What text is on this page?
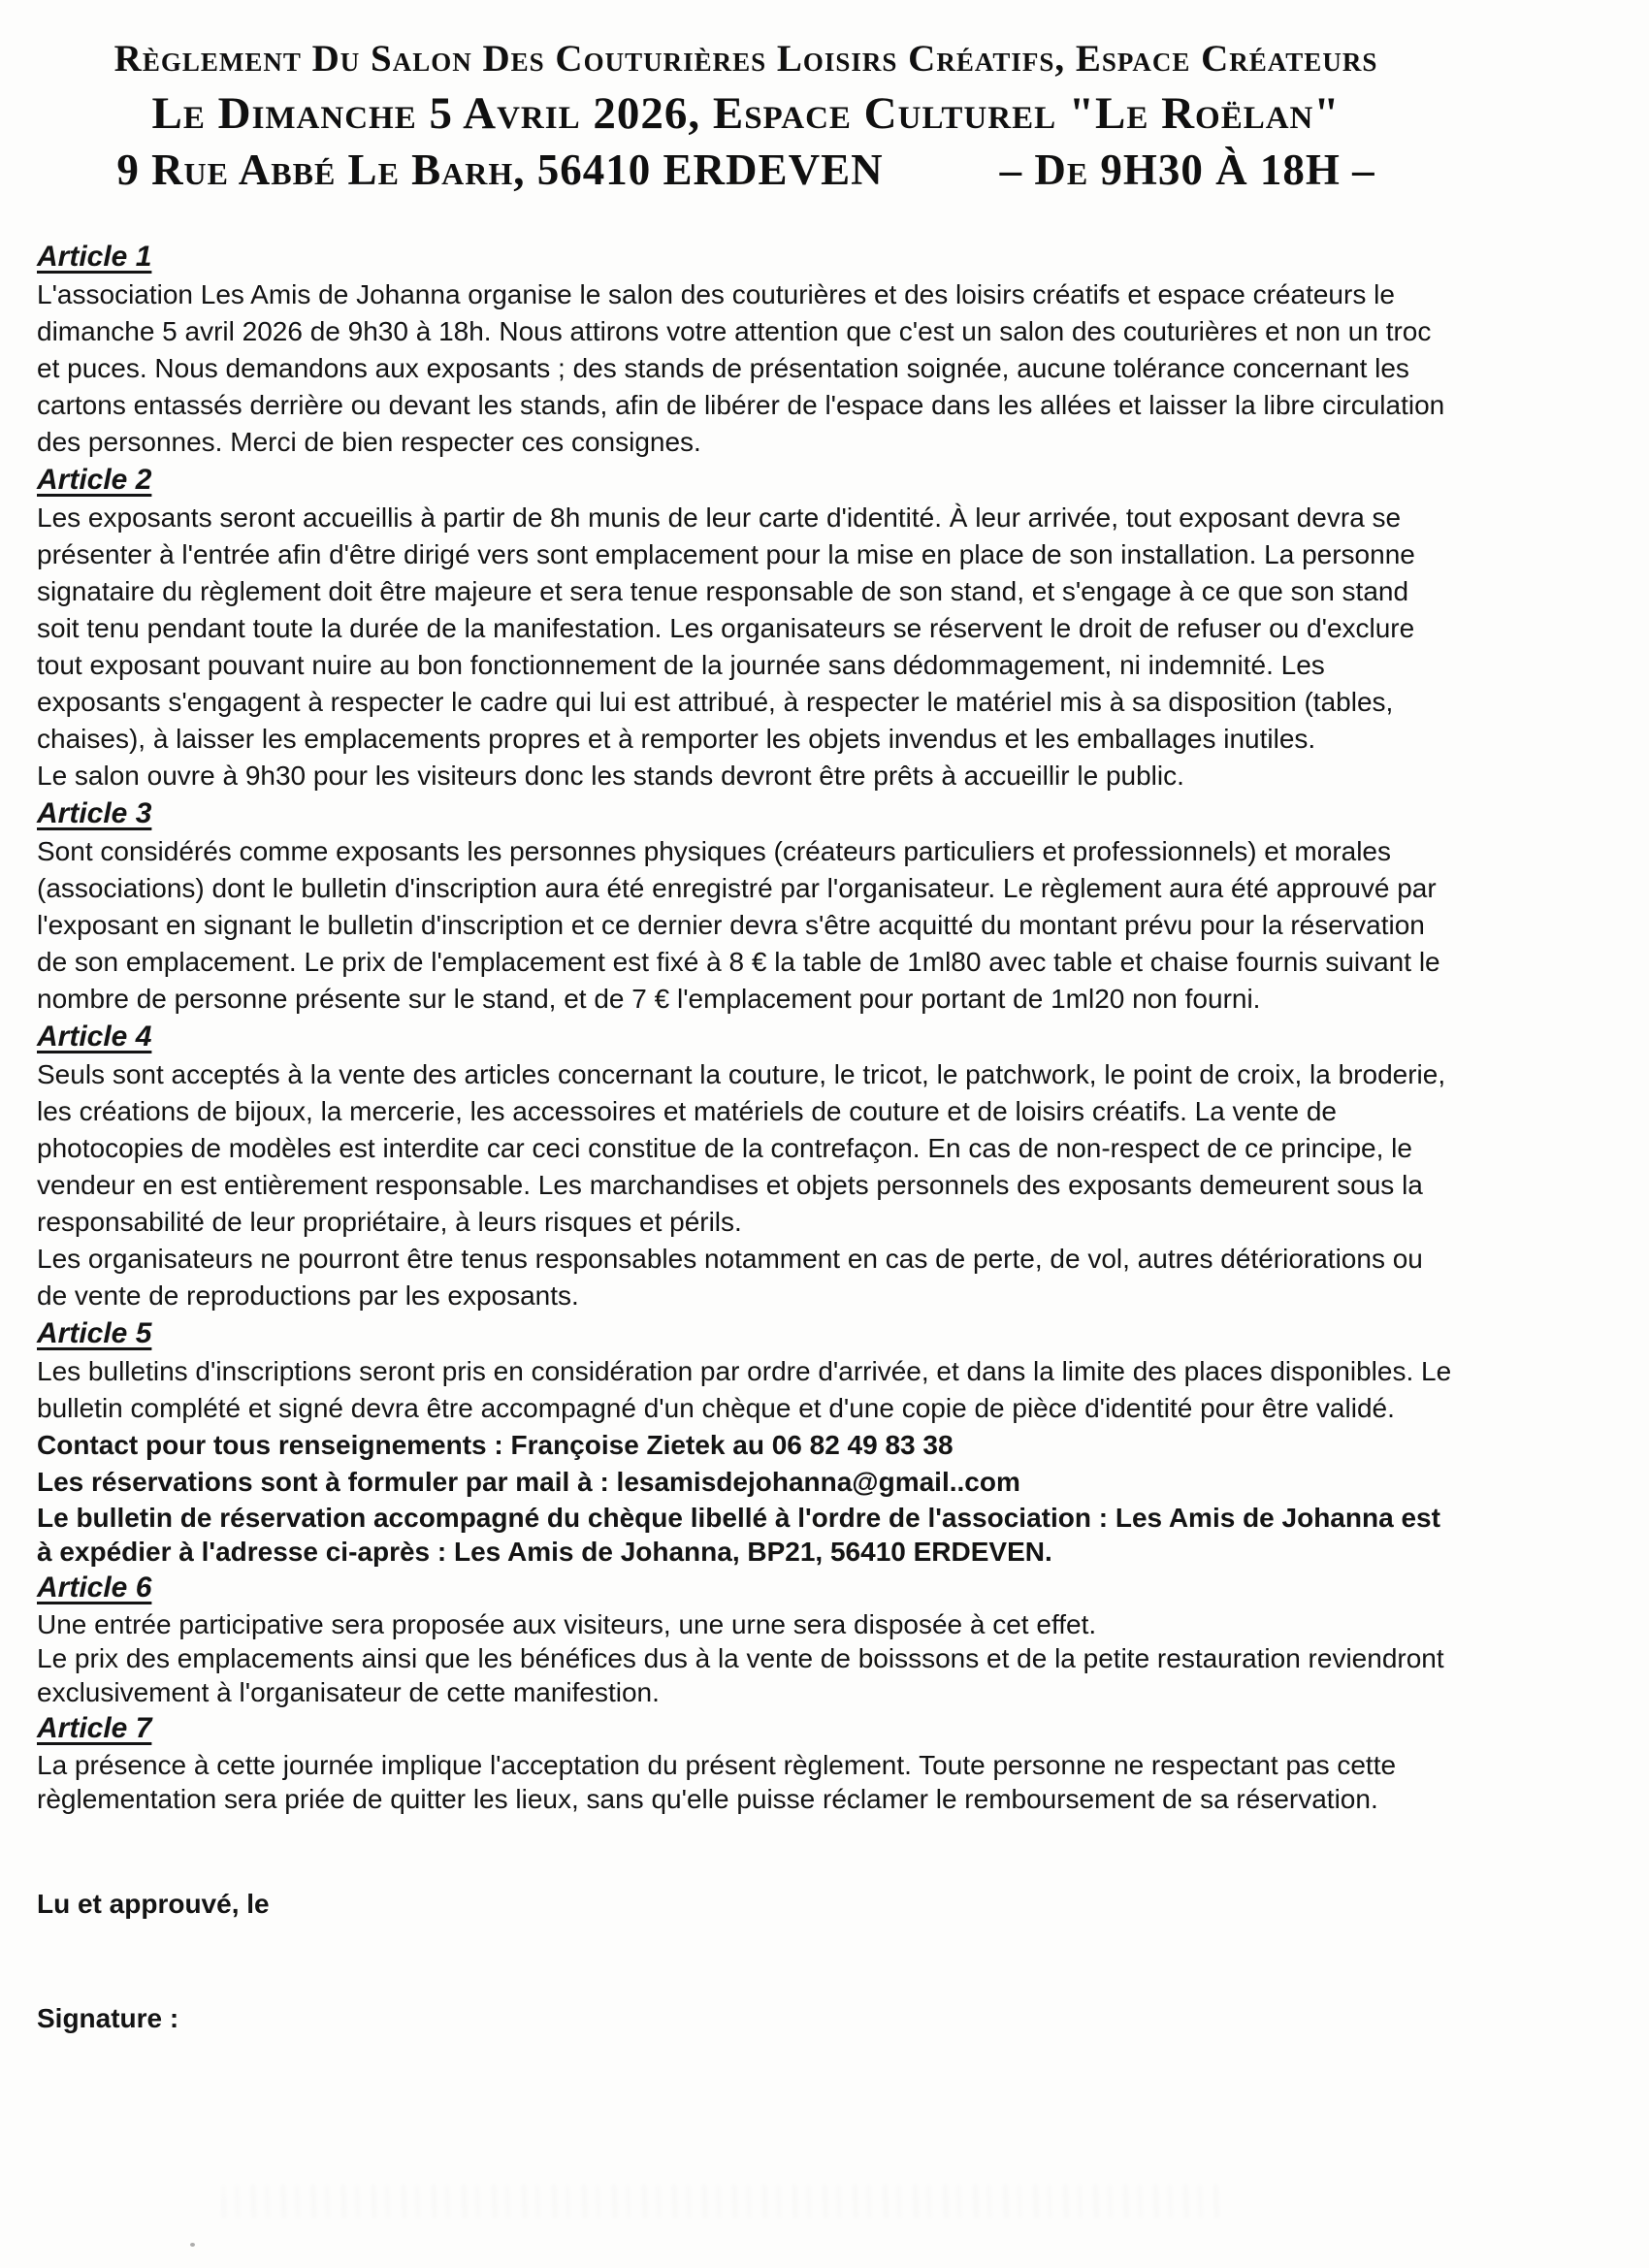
Règlement Du Salon Des Couturières Loisirs Créatifs, Espace Créateurs
Le Dimanche 5 Avril 2026, Espace Culturel "Le Roëlan"
9 Rue Abbé Le Barh, 56410 ERDEVEN	– De 9H30 À 18H –
Article 1

L'association Les Amis de Johanna organise le salon des couturières et des loisirs créatifs et espace créateurs le dimanche 5 avril 2026 de 9h30 à 18h. Nous attirons votre attention que c'est un salon des couturières et non un troc et puces. Nous demandons aux exposants ; des stands de présentation soignée, aucune tolérance concernant les cartons entassés derrière ou devant les stands, afin de libérer de l'espace dans les allées et laisser la libre circulation des personnes. Merci de bien respecter ces consignes.

Article 2

Les exposants seront accueillis à partir de 8h munis de leur carte d'identité. À leur arrivée, tout exposant devra se présenter à l'entrée afin d'être dirigé vers sont emplacement pour la mise en place de son installation. La personne signataire du règlement doit être majeure et sera tenue responsable de son stand, et s'engage à ce que son stand soit tenu pendant toute la durée de la manifestation. Les organisateurs se réservent le droit de refuser ou d'exclure tout exposant pouvant nuire au bon fonctionnement de la journée sans dédommagement, ni indemnité. Les exposants s'engagent à respecter le cadre qui lui est attribué, à respecter le matériel mis à sa disposition (tables, chaises), à laisser les emplacements propres et à remporter les objets invendus et les emballages inutiles.

Le salon ouvre à 9h30 pour les visiteurs donc les stands devront être prêts à accueillir le public.

Article 3

Sont considérés comme exposants les personnes physiques (créateurs particuliers et professionnels) et morales (associations) dont le bulletin d'inscription aura été enregistré par l'organisateur. Le règlement aura été approuvé par l'exposant en signant le bulletin d'inscription et ce dernier devra s'être acquitté du montant prévu pour la réservation de son emplacement. Le prix de l'emplacement est fixé à 8 € la table de 1ml80 avec table et chaise fournis suivant le nombre de personne présente sur le stand, et de 7 € l'emplacement pour portant de 1ml20 non fourni.

Article 4

Seuls sont acceptés à la vente des articles concernant la couture, le tricot, le patchwork, le point de croix, la broderie, les créations de bijoux, la mercerie, les accessoires et matériels de couture et de loisirs créatifs. La vente de photocopies de modèles est interdite car ceci constitue de la contrefaçon. En cas de non-respect de ce principe, le vendeur en est entièrement responsable. Les marchandises et objets personnels des exposants demeurent sous la responsabilité de leur propriétaire, à leurs risques et périls.

Les organisateurs ne pourront être tenus responsables notamment en cas de perte, de vol, autres détériorations ou de vente de reproductions par les exposants.

Article 5

Les bulletins d'inscriptions seront pris en considération par ordre d'arrivée, et dans la limite des places disponibles. Le bulletin complété et signé devra être accompagné d'un chèque et d'une copie de pièce d'identité pour être validé.

Contact pour tous renseignements : Françoise Zietek au 06 82 49 83 38

Les réservations sont à formuler par mail à : lesamisdejohanna@gmail..com

Le bulletin de réservation accompagné du chèque libellé à l'ordre de l'association : Les Amis de Johanna est à expédier à l'adresse ci-après : Les Amis de Johanna, BP21, 56410 ERDEVEN.

Article 6

Une entrée participative sera proposée aux visiteurs, une urne sera disposée à cet effet.

Le prix des emplacements ainsi que les bénéfices dus à la vente de boisssons et de la petite restauration reviendront exclusivement à l'organisateur de cette manifestion.

Article 7

La présence à cette journée implique l'acceptation du présent règlement. Toute personne ne respectant pas cette règlementation sera priée de quitter les lieux, sans qu'elle puisse réclamer le remboursement de sa réservation.

Lu et approuvé, le

Signature :
